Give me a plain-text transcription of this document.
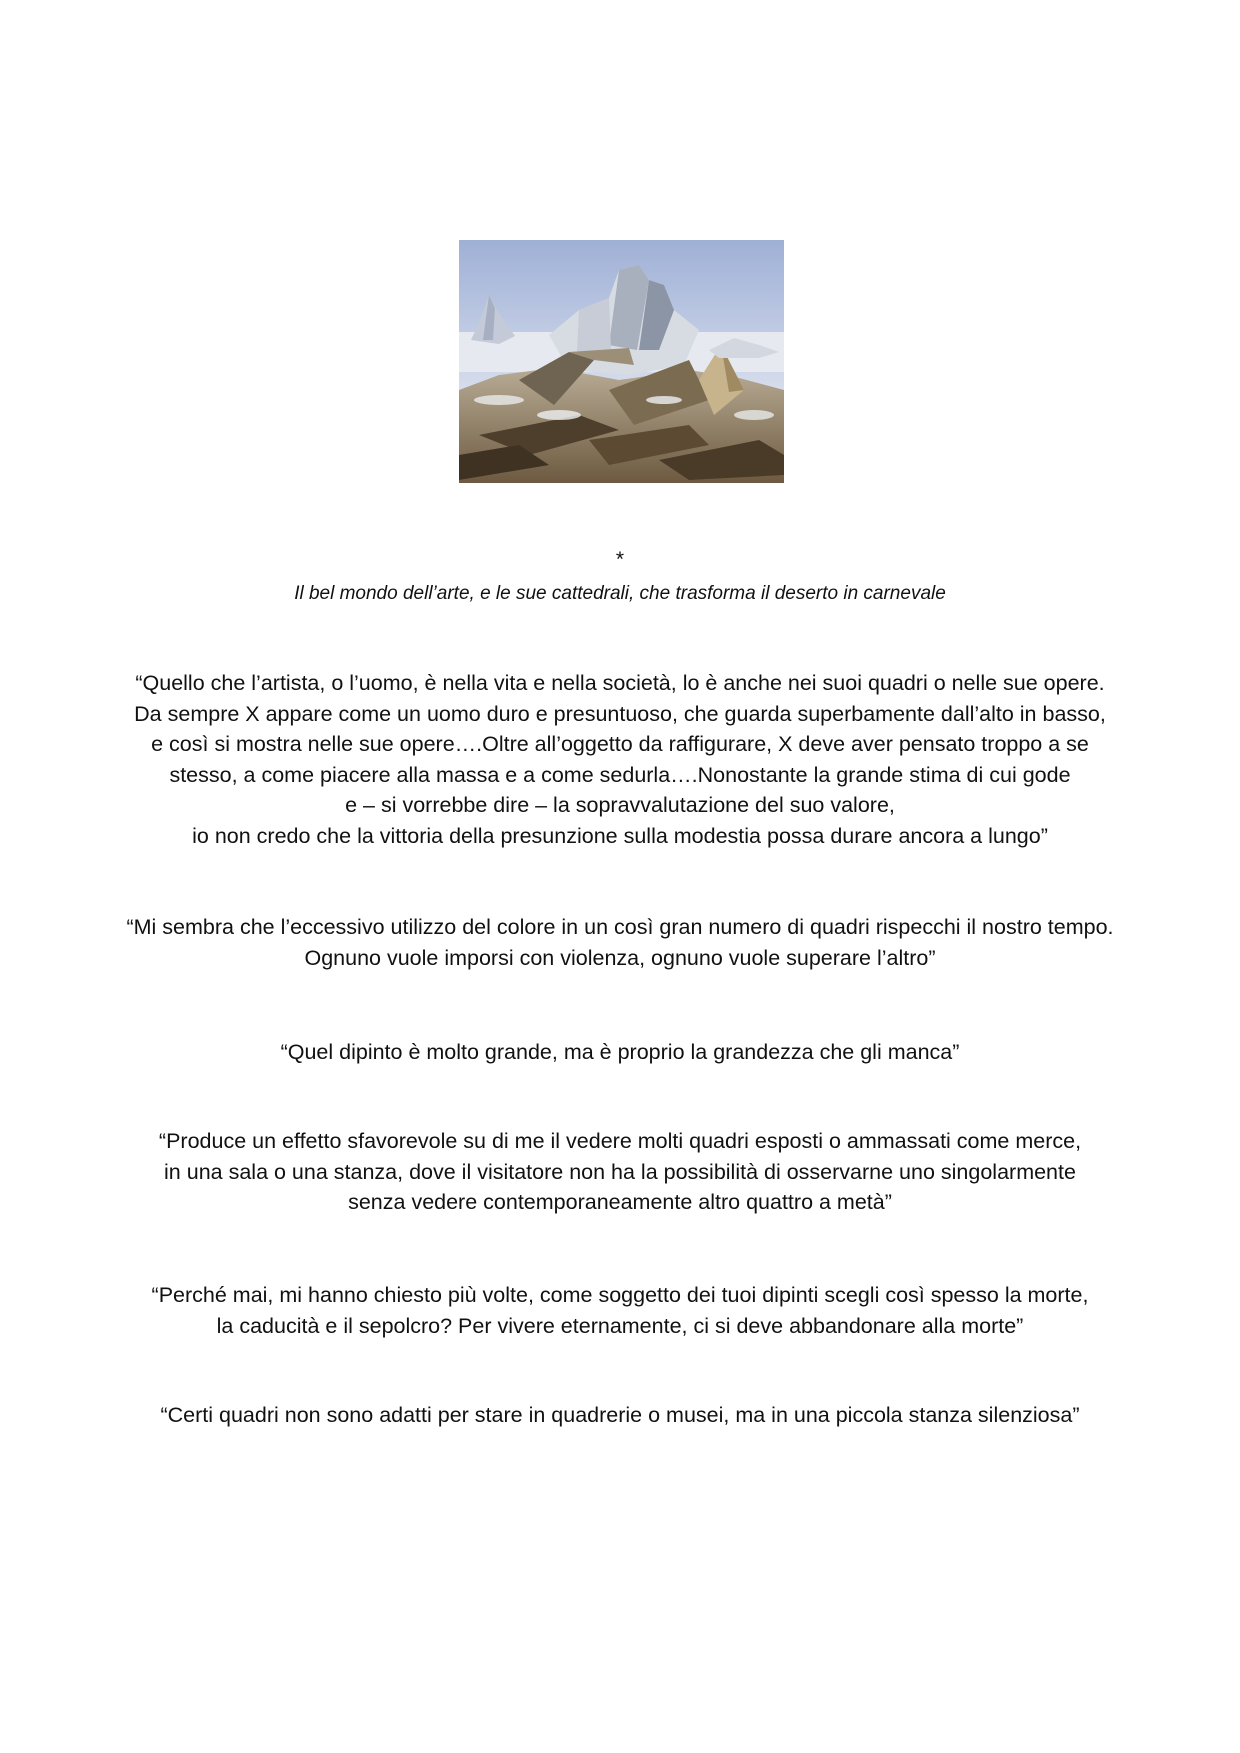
*
Il bel mondo dell’arte, e le sue cattedrali, che trasforma il deserto in carnevale
“Quello che l’artista, o l’uomo, è nella vita e nella società, lo è anche nei suoi quadri o nelle sue opere.
Da sempre X appare come un uomo duro e presuntuoso, che guarda superbamente dall’alto in basso,
e così si mostra nelle sue opere….Oltre all’oggetto da raffigurare, X deve aver pensato troppo a se
stesso, a come piacere alla massa e a come sedurla….Nonostante la grande stima di cui gode
e – si vorrebbe dire – la sopravvalutazione del suo valore,
io non credo che la vittoria della presunzione sulla modestia possa durare ancora a lungo”
“Mi sembra che l’eccessivo utilizzo del colore in un così gran numero di quadri rispecchi il nostro tempo.
Ognuno vuole imporsi con violenza, ognuno vuole superare l’altro”
“Quel dipinto è molto grande, ma è proprio la grandezza che gli manca”
“Produce un effetto sfavorevole su di me il vedere molti quadri esposti o ammassati come merce,
in una sala o una stanza, dove il visitatore non ha la possibilità di osservarne uno singolarmente
senza vedere contemporaneamente altro quattro a metà”
“Perché mai, mi hanno chiesto più volte, come soggetto dei tuoi dipinti scegli così spesso la morte,
la caducità e il sepolcro? Per vivere eternamente, ci si deve abbandonare alla morte”
“Certi quadri non sono adatti per stare in quadrerie o musei, ma in una piccola stanza silenziosa”
